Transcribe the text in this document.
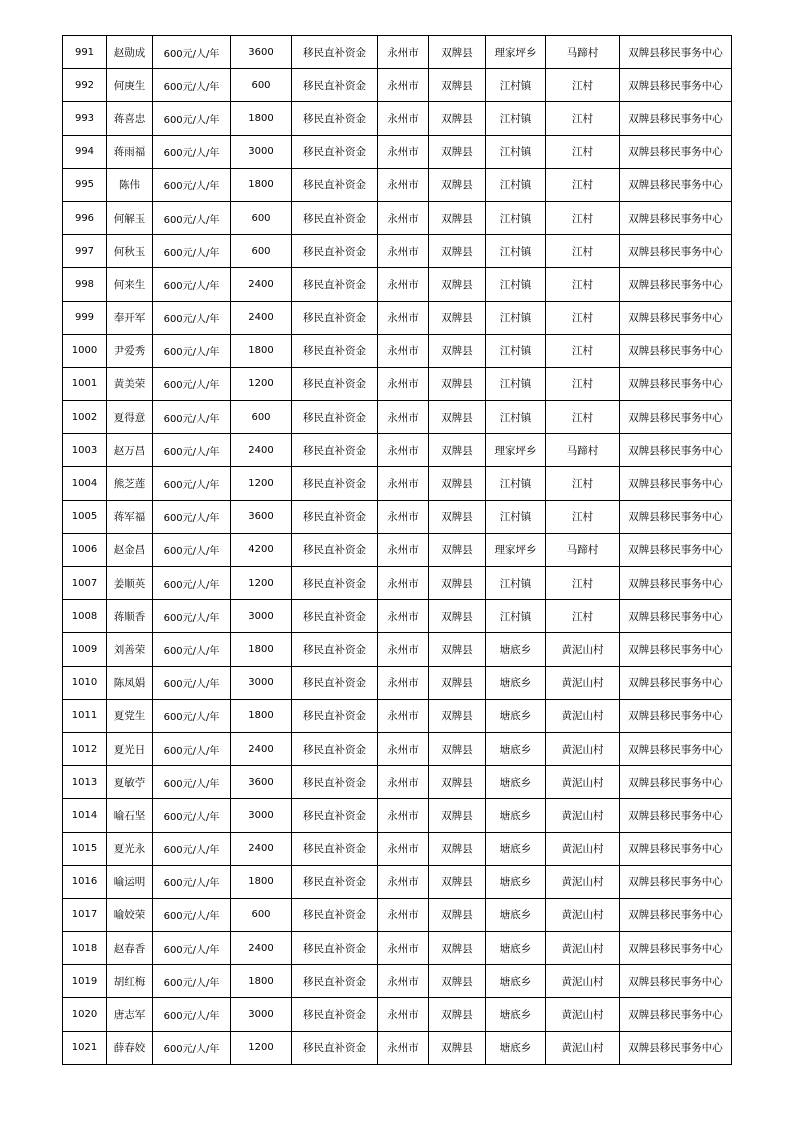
991	赵勋成	600元/人/年	3600	移民直补资金	永州市	双牌县	理家坪乡	马蹄村	双牌县移民事务中心
992	何庚生	600元/人/年	600	移民直补资金	永州市	双牌县	江村镇	江村	双牌县移民事务中心
993	蒋喜忠	600元/人/年	1800	移民直补资金	永州市	双牌县	江村镇	江村	双牌县移民事务中心
994	蒋雨福	600元/人/年	3000	移民直补资金	永州市	双牌县	江村镇	江村	双牌县移民事务中心
995	陈伟	600元/人/年	1800	移民直补资金	永州市	双牌县	江村镇	江村	双牌县移民事务中心
996	何解玉	600元/人/年	600	移民直补资金	永州市	双牌县	江村镇	江村	双牌县移民事务中心
997	何秋玉	600元/人/年	600	移民直补资金	永州市	双牌县	江村镇	江村	双牌县移民事务中心
998	何来生	600元/人/年	2400	移民直补资金	永州市	双牌县	江村镇	江村	双牌县移民事务中心
999	奉开军	600元/人/年	2400	移民直补资金	永州市	双牌县	江村镇	江村	双牌县移民事务中心
1000	尹爱秀	600元/人/年	1800	移民直补资金	永州市	双牌县	江村镇	江村	双牌县移民事务中心
1001	黄美荣	600元/人/年	1200	移民直补资金	永州市	双牌县	江村镇	江村	双牌县移民事务中心
1002	夏得意	600元/人/年	600	移民直补资金	永州市	双牌县	江村镇	江村	双牌县移民事务中心
1003	赵万昌	600元/人/年	2400	移民直补资金	永州市	双牌县	理家坪乡	马蹄村	双牌县移民事务中心
1004	熊芝莲	600元/人/年	1200	移民直补资金	永州市	双牌县	江村镇	江村	双牌县移民事务中心
1005	蒋军福	600元/人/年	3600	移民直补资金	永州市	双牌县	江村镇	江村	双牌县移民事务中心
1006	赵金昌	600元/人/年	4200	移民直补资金	永州市	双牌县	理家坪乡	马蹄村	双牌县移民事务中心
1007	姜顺英	600元/人/年	1200	移民直补资金	永州市	双牌县	江村镇	江村	双牌县移民事务中心
1008	蒋顺香	600元/人/年	3000	移民直补资金	永州市	双牌县	江村镇	江村	双牌县移民事务中心
1009	刘善荣	600元/人/年	1800	移民直补资金	永州市	双牌县	塘底乡	黄泥山村	双牌县移民事务中心
1010	陈凤娟	600元/人/年	3000	移民直补资金	永州市	双牌县	塘底乡	黄泥山村	双牌县移民事务中心
1011	夏党生	600元/人/年	1800	移民直补资金	永州市	双牌县	塘底乡	黄泥山村	双牌县移民事务中心
1012	夏光日	600元/人/年	2400	移民直补资金	永州市	双牌县	塘底乡	黄泥山村	双牌县移民事务中心
1013	夏敏苧	600元/人/年	3600	移民直补资金	永州市	双牌县	塘底乡	黄泥山村	双牌县移民事务中心
1014	喻石坚	600元/人/年	3000	移民直补资金	永州市	双牌县	塘底乡	黄泥山村	双牌县移民事务中心
1015	夏光永	600元/人/年	2400	移民直补资金	永州市	双牌县	塘底乡	黄泥山村	双牌县移民事务中心
1016	喻运明	600元/人/年	1800	移民直补资金	永州市	双牌县	塘底乡	黄泥山村	双牌县移民事务中心
1017	喻姣荣	600元/人/年	600	移民直补资金	永州市	双牌县	塘底乡	黄泥山村	双牌县移民事务中心
1018	赵春香	600元/人/年	2400	移民直补资金	永州市	双牌县	塘底乡	黄泥山村	双牌县移民事务中心
1019	胡红梅	600元/人/年	1800	移民直补资金	永州市	双牌县	塘底乡	黄泥山村	双牌县移民事务中心
1020	唐志军	600元/人/年	3000	移民直补资金	永州市	双牌县	塘底乡	黄泥山村	双牌县移民事务中心
1021	薛春姣	600元/人/年	1200	移民直补资金	永州市	双牌县	塘底乡	黄泥山村	双牌县移民事务中心
